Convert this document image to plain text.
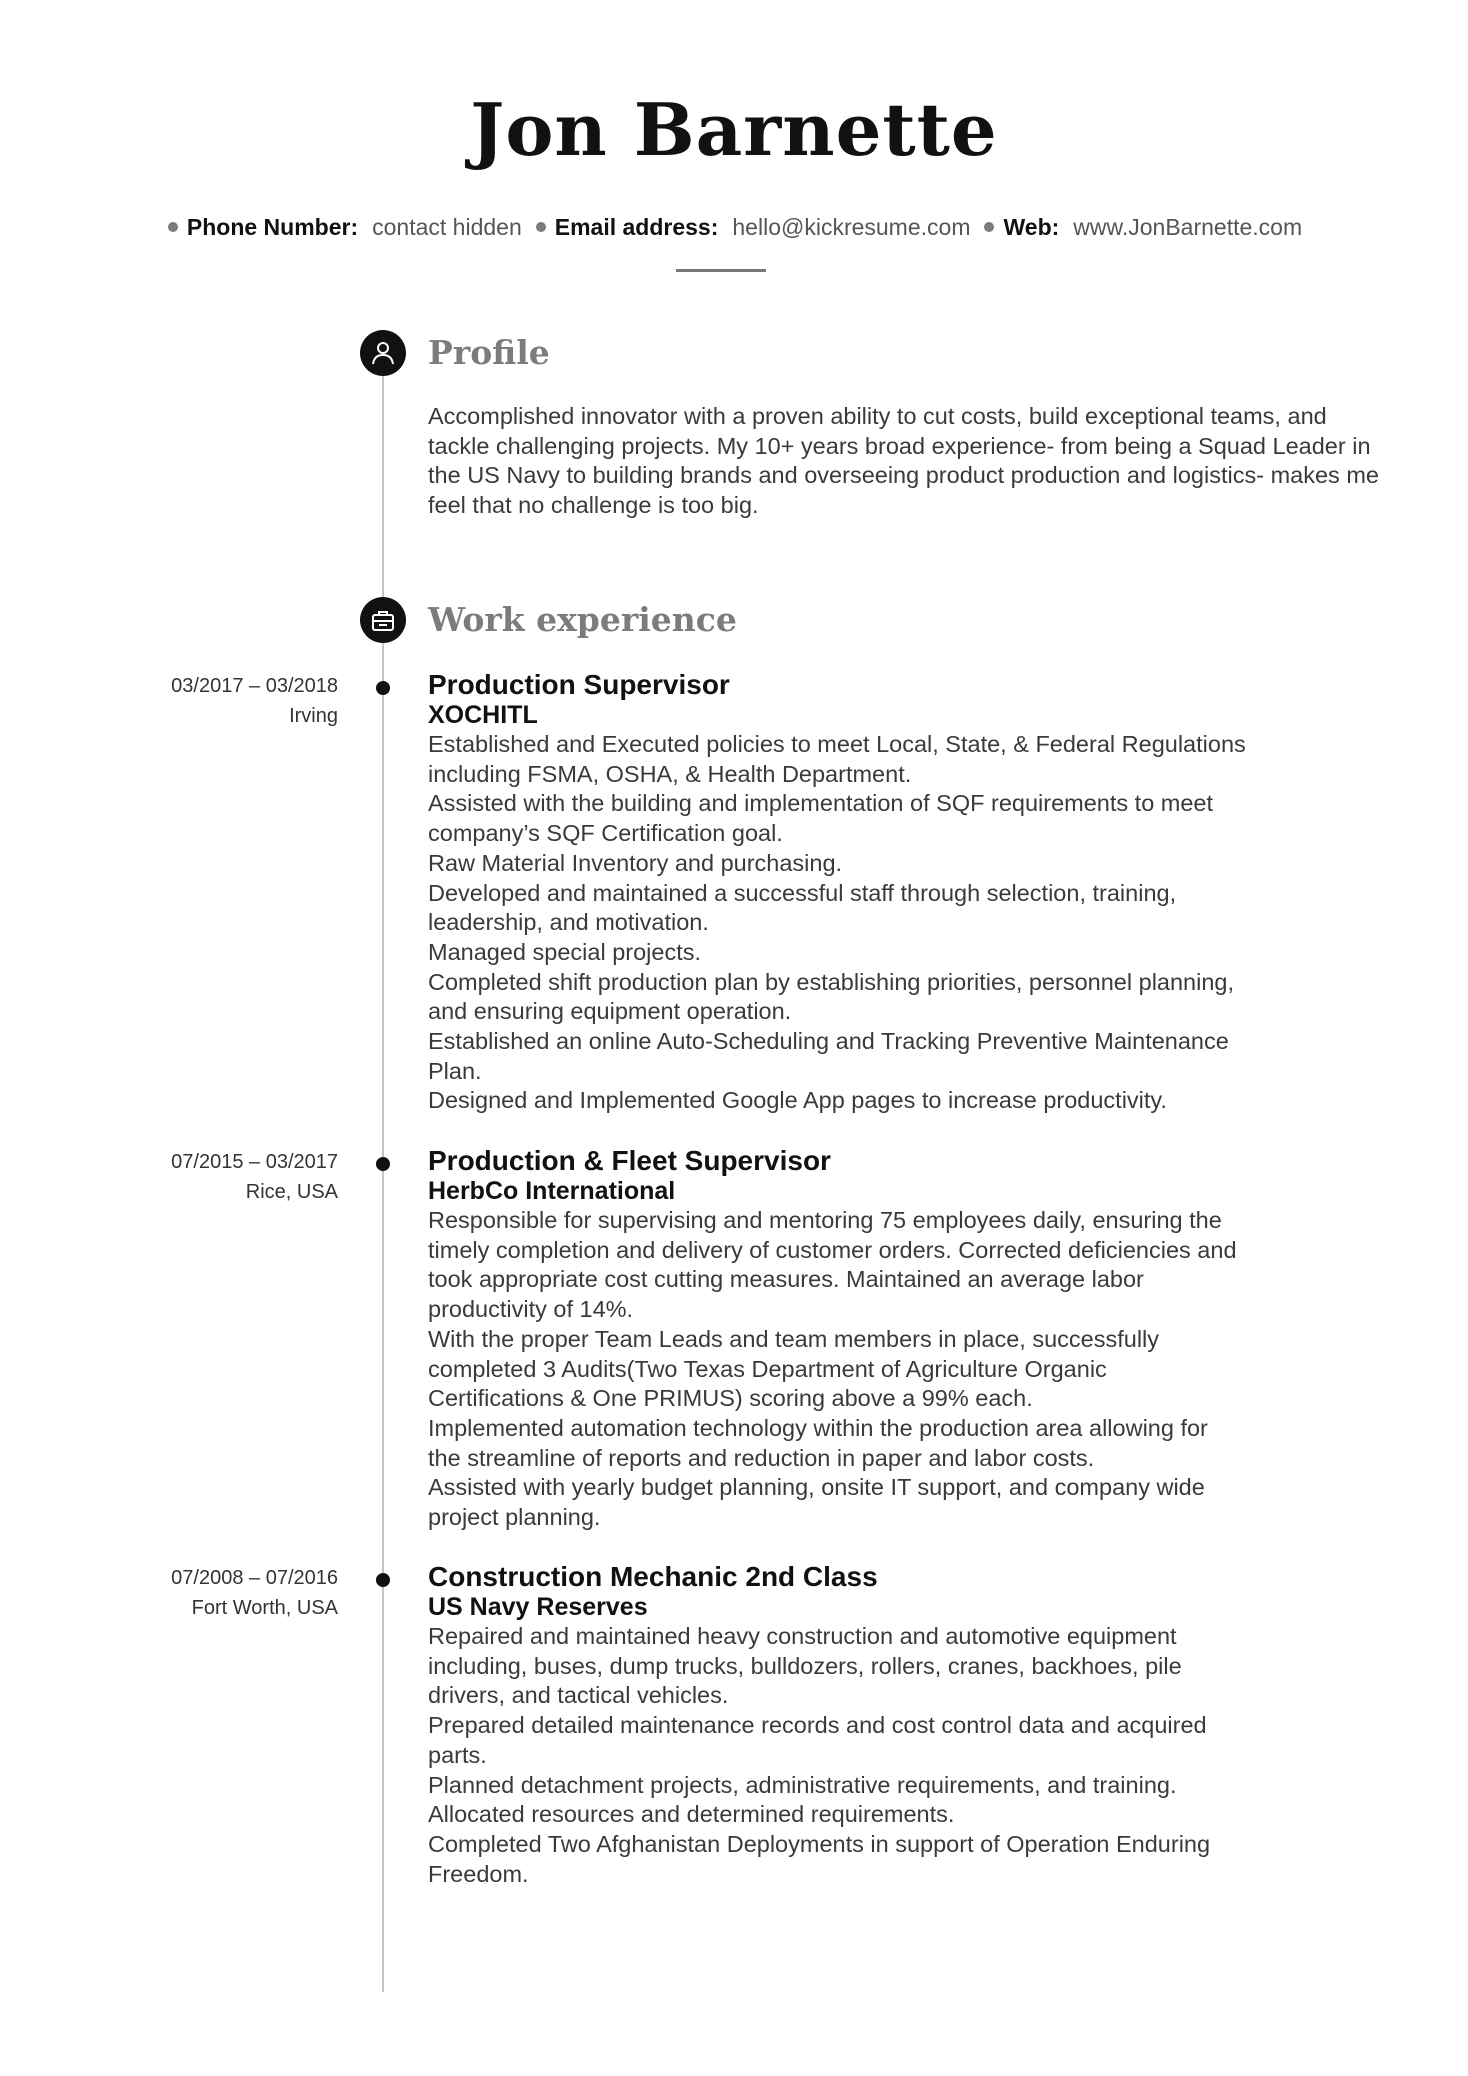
Jon Barnette
Phone Number: contact hidden Email address: hello@kickresume.com Web: www.JonBarnette.com
Profile

Accomplished innovator with a proven ability to cut costs, build exceptional teams, and tackle challenging projects. My 10+ years broad experience- from being a Squad Leader in the US Navy to building brands and overseeing product production and logistics- makes me feel that no challenge is too big.

Work experience
03/2017 – 03/2018
Irving

Production Supervisor

XOCHITL

Established and Executed policies to meet Local, State, & Federal Regulations

including FSMA, OSHA, & Health Department.

Assisted with the building and implementation of SQF requirements to meet

company’s SQF Certification goal.

Raw Material Inventory and purchasing.

Developed and maintained a successful staff through selection, training,

leadership, and motivation.

Managed special projects.

Completed shift production plan by establishing priorities, personnel planning,

and ensuring equipment operation.

Established an online Auto-Scheduling and Tracking Preventive Maintenance

Plan.

Designed and Implemented Google App pages to increase productivity.

07/2015 – 03/2017
Rice, USA

Production & Fleet Supervisor

HerbCo International

Responsible for supervising and mentoring 75 employees daily, ensuring the

timely completion and delivery of customer orders. Corrected deficiencies and

took appropriate cost cutting measures. Maintained an average labor

productivity of 14%.

With the proper Team Leads and team members in place, successfully

completed 3 Audits(Two Texas Department of Agriculture Organic

Certifications & One PRIMUS) scoring above a 99% each.

Implemented automation technology within the production area allowing for

the streamline of reports and reduction in paper and labor costs.

Assisted with yearly budget planning, onsite IT support, and company wide

project planning.

07/2008 – 07/2016
Fort Worth, USA

Construction Mechanic 2nd Class

US Navy Reserves

Repaired and maintained heavy construction and automotive equipment

including, buses, dump trucks, bulldozers, rollers, cranes, backhoes, pile

drivers, and tactical vehicles.

Prepared detailed maintenance records and cost control data and acquired

parts.

Planned detachment projects, administrative requirements, and training.

Allocated resources and determined requirements.

Completed Two Afghanistan Deployments in support of Operation Enduring

Freedom.
